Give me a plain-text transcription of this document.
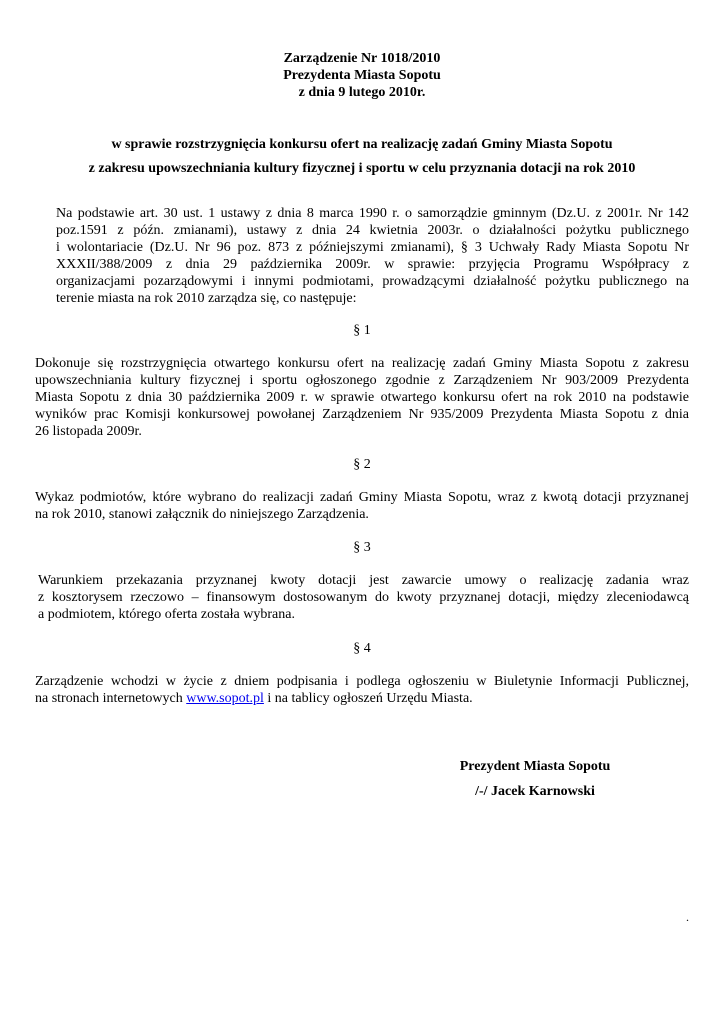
Zarządzenie Nr 1018/2010
Prezydenta Miasta Sopotu
z dnia 9 lutego 2010r.
w sprawie rozstrzygnięcia konkursu ofert na realizację zadań Gminy Miasta Sopotu
z zakresu upowszechniania kultury fizycznej i sportu w celu przyznania dotacji na rok 2010
Na podstawie art. 30 ust. 1 ustawy z dnia 8 marca 1990 r. o samorządzie gminnym (Dz.U. z 2001r. Nr 142
poz.1591 z późn. zmianami), ustawy z dnia 24 kwietnia 2003r. o działalności pożytku publicznego
i wolontariacie (Dz.U. Nr 96 poz. 873 z późniejszymi zmianami), § 3 Uchwały Rady Miasta Sopotu Nr
XXXII/388/2009 z dnia 29 października 2009r. w sprawie: przyjęcia Programu Współpracy z
organizacjami pozarządowymi i innymi podmiotami, prowadzącymi działalność pożytku publicznego na
terenie miasta na rok 2010 zarządza się, co następuje:
§ 1
Dokonuje się rozstrzygnięcia otwartego konkursu ofert na realizację zadań Gminy Miasta Sopotu z zakresu
upowszechniania kultury fizycznej i sportu ogłoszonego zgodnie z Zarządzeniem Nr 903/2009 Prezydenta
Miasta Sopotu z dnia 30 października 2009 r. w sprawie otwartego konkursu ofert na rok 2010 na podstawie
wyników prac Komisji konkursowej powołanej Zarządzeniem Nr 935/2009 Prezydenta Miasta Sopotu z dnia
26 listopada 2009r.
§ 2
Wykaz podmiotów, które wybrano do realizacji zadań Gminy Miasta Sopotu, wraz z kwotą dotacji przyznanej
na rok 2010, stanowi załącznik do niniejszego Zarządzenia.
§ 3
Warunkiem przekazania przyznanej kwoty dotacji jest zawarcie umowy o realizację zadania wraz
z kosztorysem rzeczowo – finansowym dostosowanym do kwoty przyznanej dotacji, między zleceniodawcą
a podmiotem, którego oferta została wybrana.
§ 4
Zarządzenie wchodzi w życie z dniem podpisania i podlega ogłoszeniu w Biuletynie Informacji Publicznej,
na stronach internetowych www.sopot.pl i na tablicy ogłoszeń Urzędu Miasta.
Prezydent Miasta Sopotu
/-/ Jacek Karnowski
.
